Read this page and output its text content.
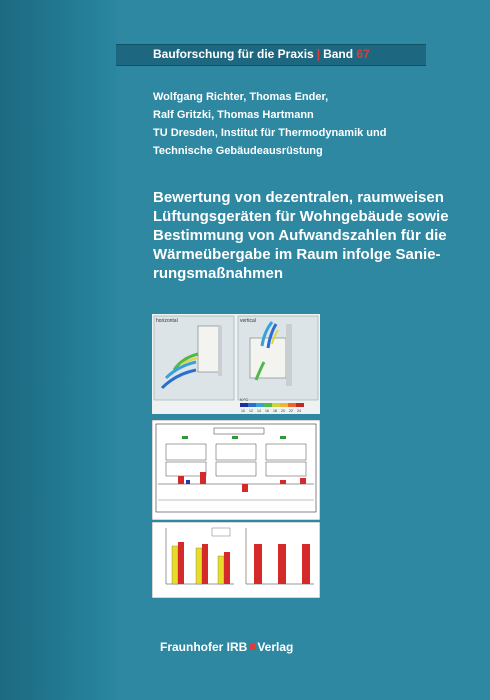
Bauforschung für die Praxis | Band 67
Wolfgang Richter, Thomas Ender,
Ralf Gritzki, Thomas Hartmann
TU Dresden, Institut für Thermodynamik und
Technische Gebäudeausrüstung
Bewertung von dezentralen, raumweisen
Lüftungsgeräten für Wohngebäude sowie
Bestimmung von Aufwandszahlen für die
Wärmeübergabe im Raum infolge Sanie-
rungsmaßnahmen
horizontal	vertical
K/°C
10 12 14 16 18 20 22 24
Fraunhofer IRB Verlag
